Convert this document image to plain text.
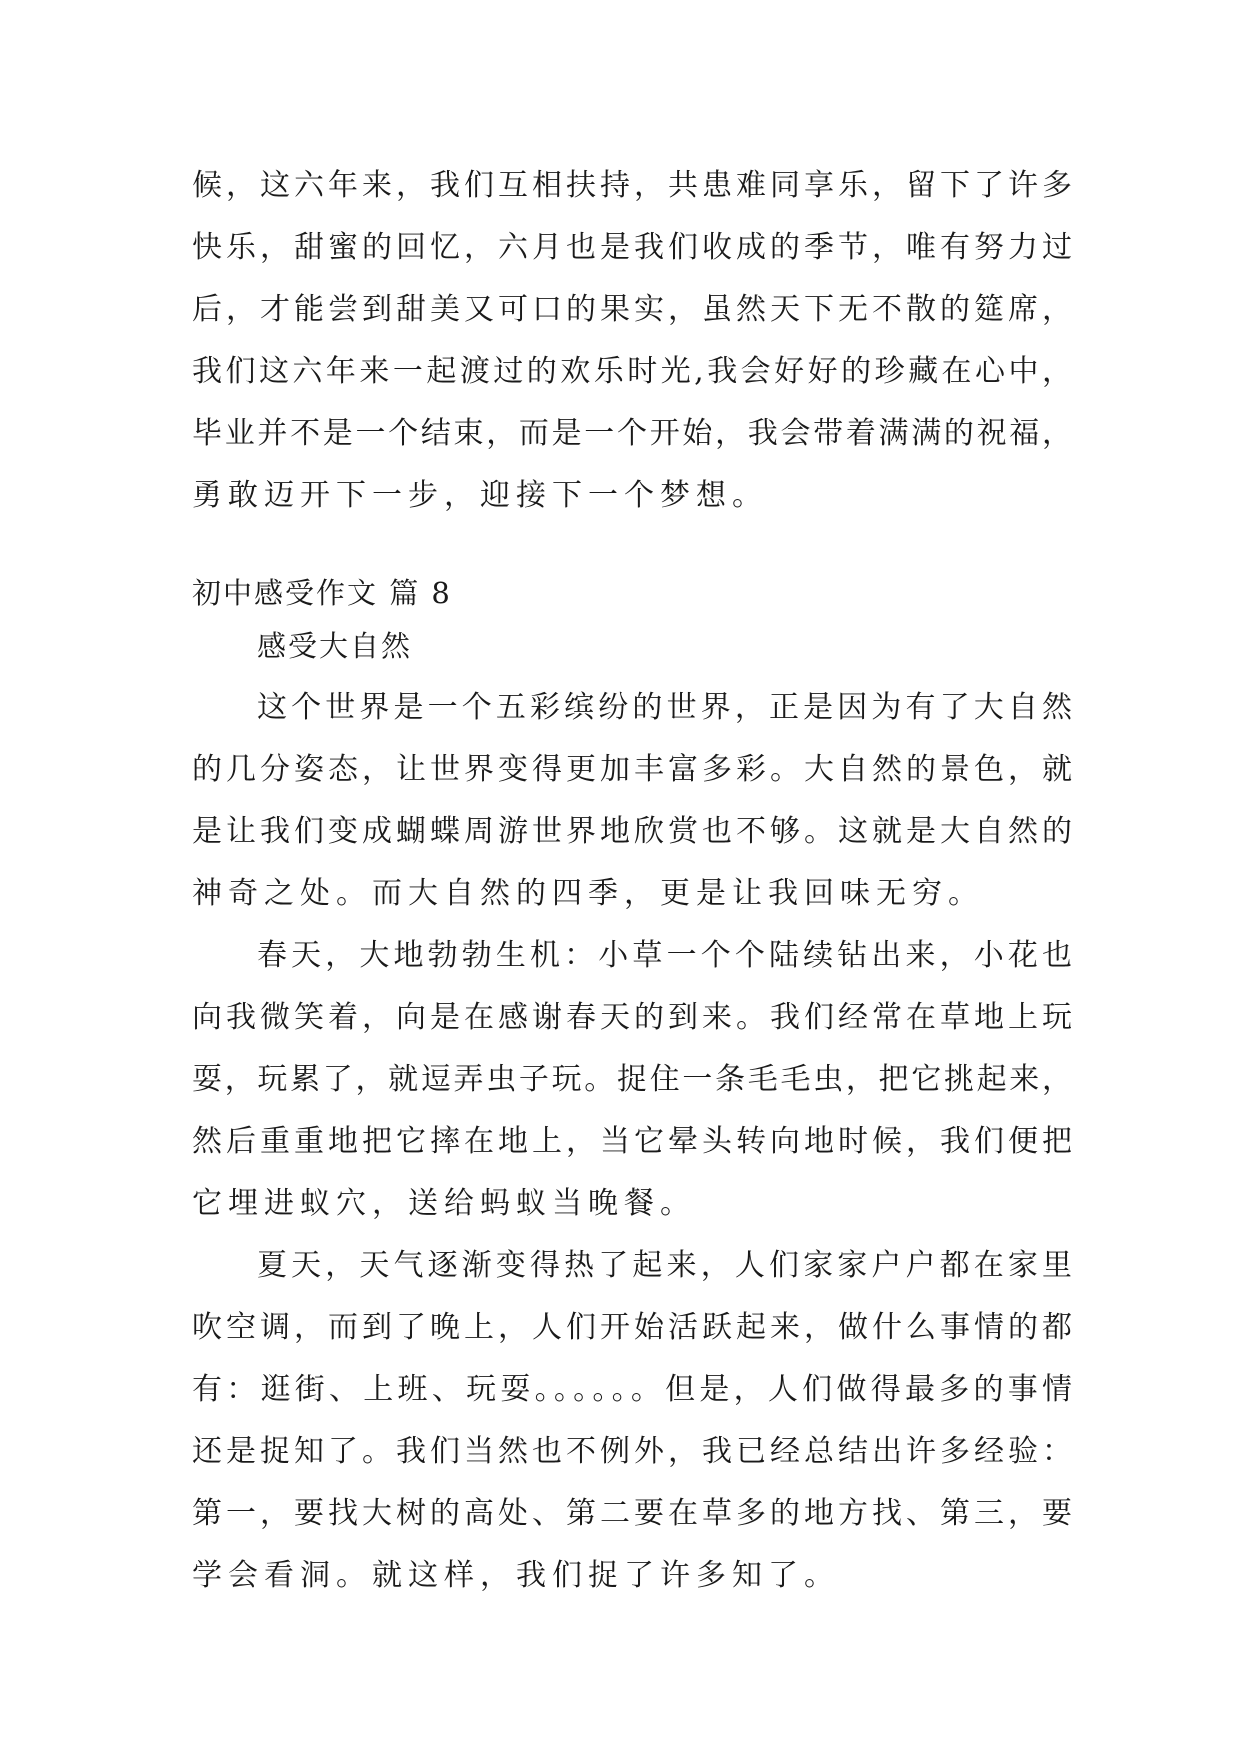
候，这六年来，我们互相扶持，共患难同享乐，留下了许多
快乐，甜蜜的回忆，六月也是我们收成的季节，唯有努力过
后，才能尝到甜美又可口的果实，虽然天下无不散的筵席，
我们这六年来一起渡过的欢乐时光,我会好好的珍藏在心中，
毕业并不是一个结束，而是一个开始，我会带着满满的祝福，
勇敢迈开下一步，迎接下一个梦想。
初中感受作文 篇 8
感受大自然
这个世界是一个五彩缤纷的世界，正是因为有了大自然
的几分姿态，让世界变得更加丰富多彩。大自然的景色，就
是让我们变成蝴蝶周游世界地欣赏也不够。这就是大自然的
神奇之处。而大自然的四季，更是让我回味无穷。
春天，大地勃勃生机：小草一个个陆续钻出来，小花也
向我微笑着，向是在感谢春天的到来。我们经常在草地上玩
耍，玩累了，就逗弄虫子玩。捉住一条毛毛虫，把它挑起来，
然后重重地把它摔在地上，当它晕头转向地时候，我们便把
它埋进蚁穴，送给蚂蚁当晚餐。
夏天，天气逐渐变得热了起来，人们家家户户都在家里
吹空调，而到了晚上，人们开始活跃起来，做什么事情的都
有：逛街、上班、玩耍。。。。。。但是，人们做得最多的事情
还是捉知了。我们当然也不例外，我已经总结出许多经验：
第一，要找大树的高处、第二要在草多的地方找、第三，要
学会看洞。就这样，我们捉了许多知了。
